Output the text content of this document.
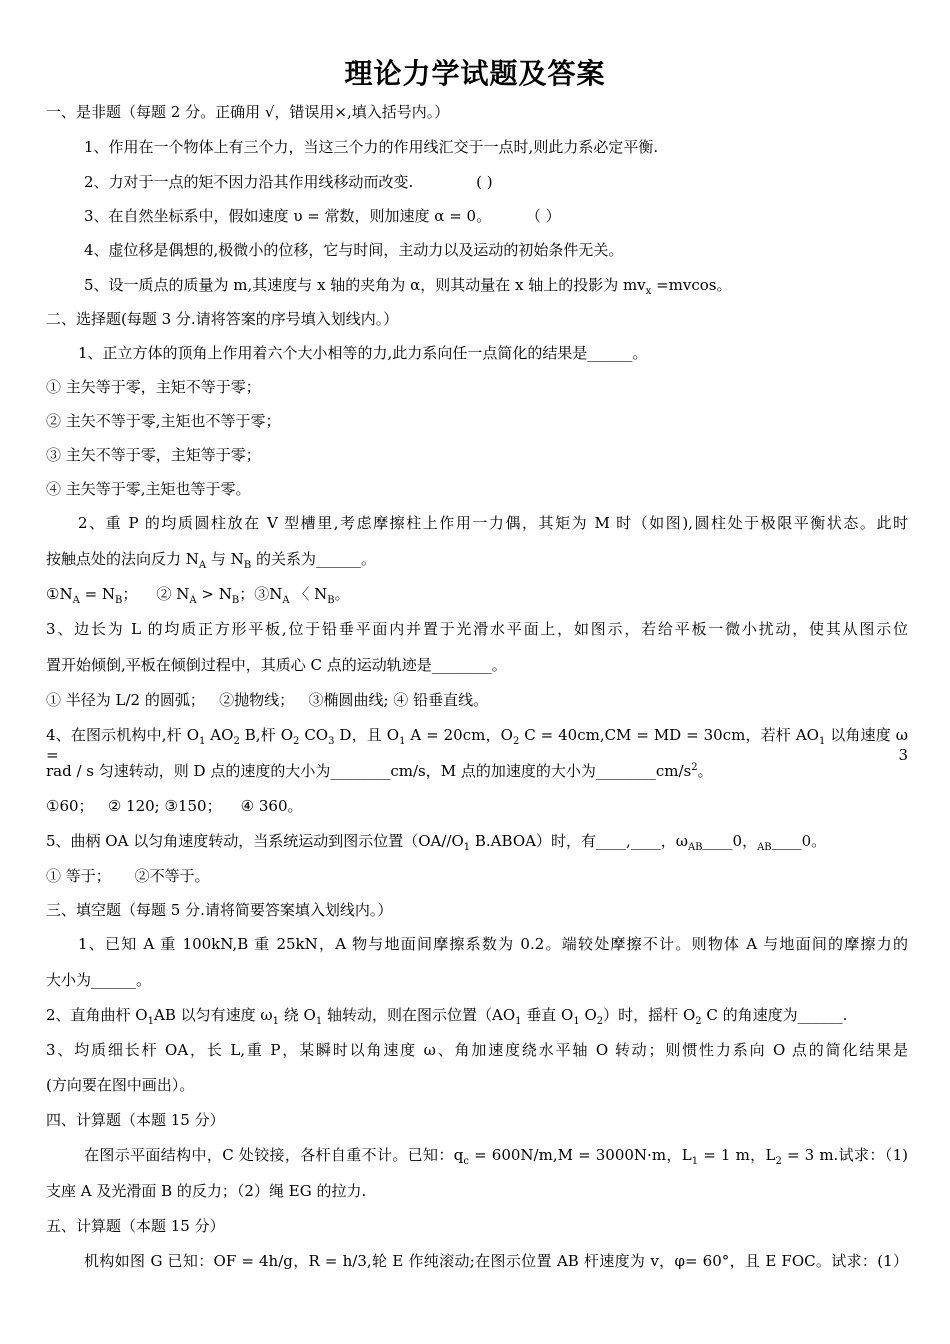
理论力学试题及答案
一、是非题（每题 2 分。正确用 √，错误用×,填入括号内。）
1、作用在一个物体上有三个力，当这三个力的作用线汇交于一点时,则此力系必定平衡.
2、力对于一点的矩不因力沿其作用线移动而改变.	( )
3、在自然坐标系中，假如速度 υ = 常数，则加速度 α = 0。 （ ）
4、虚位移是偶想的,极微小的位移，它与时间，主动力以及运动的初始条件无关。
5、设一质点的质量为 m,其速度与 x 轴的夹角为 α，则其动量在 x 轴上的投影为 $mv_x =mvcos$。
二、选择题(每题 3 分.请将答案的序号填入划线内。）
1、正立方体的顶角上作用着六个大小相等的力,此力系向任一点简化的结果是______。
① 主矢等于零，主矩不等于零；
② 主矢不等于零,主矩也不等于零；
③ 主矢不等于零，主矩等于零；
④ 主矢等于零,主矩也等于零。
2、重 P 的均质圆柱放在 V 型槽里,考虑摩擦柱上作用一力偶，其矩为 M 时（如图),圆柱处于极限平衡状态。此时
按触点处的法向反力 $N_A$ 与 $N_B$ 的关系为______。
$①N_A = N_B$；    ② $N_A > N_B$；$③N_A$ 〈 $N_B$。
3、边长为 L 的均质正方形平板,位于铅垂平面内并置于光滑水平面上，如图示，若给平板一微小扰动，使其从图示位
置开始倾倒,平板在倾倒过程中，其质心 C 点的运动轨迹是________。
① 半径为 L/2 的圆弧；   ②抛物线；   ③椭圆曲线; ④ 铅垂直线。
4、在图示机构中,杆 $O_1$ $AO_2$ B,杆 $O_2$ $CO_3$ D，且 $O_1$ A = 20cm，$O_2$ C = 40cm,CM = MD = 30cm，若杆 $AO_1$ 以角速度 ω = 3
rad / s 匀速转动，则 D 点的速度的大小为________cm/s，M 点的加速度的大小为$\_\_\_\_\_\_\_\_cm/s^2$。
①60；   ② 120; ③150；    ④ 360。
5、曲柄 OA 以匀角速度转动，当系统运动到图示位置（$OA//O_1$ B.ABOA）时，有____,____，$\omega_{AB}\_\_\_\_0$，$_{AB}$____0。
① 等于；     ②不等于。
三、填空题（每题 5 分.请将简要答案填入划线内。）
1、已知 A 重 100kN,B 重 25kN，A 物与地面间摩擦系数为 0.2。端较处摩擦不计。则物体 A 与地面间的摩擦力的
大小为______。
2、直角曲杆 $O_1AB$ 以匀有速度 $\omega_1$ 绕 $O_1$ 轴转动，则在图示位置（$AO_1$ 垂直 $O_1$ $O_2$）时，摇杆 $O_2$ C 的角速度为______.
3、均质细长杆 OA，长 L,重 P，某瞬时以角速度 ω、角加速度绕水平轴 O 转动；则惯性力系向 O 点的简化结果是
(方向要在图中画出）。
四、计算题（本题 15 分）
在图示平面结构中，C 处铰接，各杆自重不计。已知：$q_c = 600N/m,M = 3000N\cdot m$，$L_1 = 1$ m，$L_2 = 3$ m.试求：（1)
支座 A 及光滑面 B 的反力；（2）绳 EG 的拉力.
五、计算题（本题 15 分）
机构如图 G 已知：OF = 4h/g，R = h/3,轮 E 作纯滚动;在图示位置 AB 杆速度为 v，φ= 60°，且 E FOC。试求：(1）
